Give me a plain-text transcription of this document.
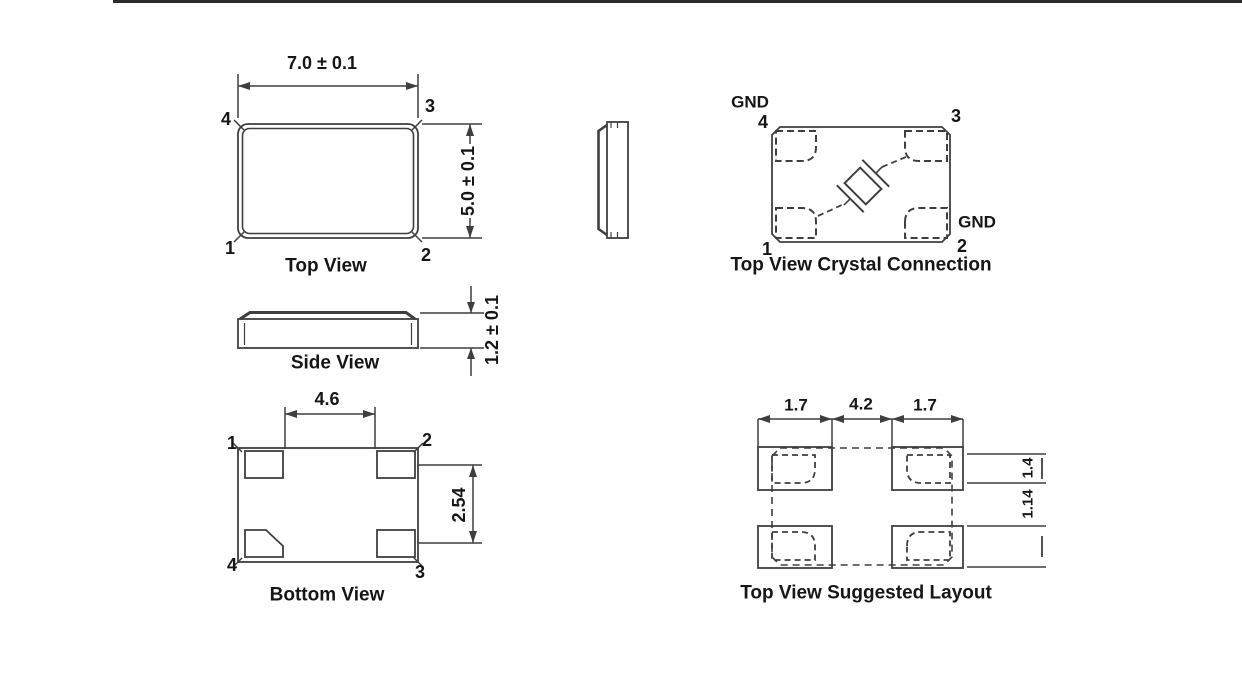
7.0 ± 0.1
4
3
1	2
5.0 ± 0.1
Top View
1.2 ± 0.1
Side View
4.6
1	2
4	3
2.54
Bottom View
GND
4	3
1	2
GND
Top View Crystal Connection
1.7 4.2 1.7
1.4
1.14
Top View Suggested Layout
